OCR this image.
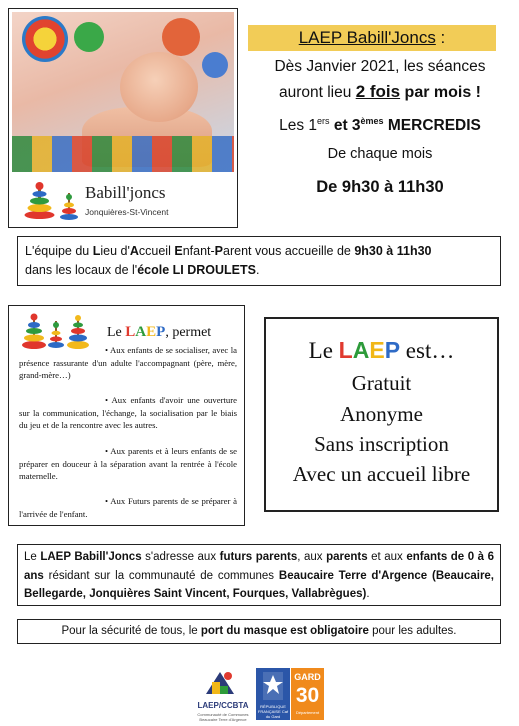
Babill'joncs
Jonquières-St-Vincent
LAEP Babill'Joncs :
Dès Janvier 2021, les séances
auront lieu 2 fois par mois !
Les 1ers et 3èmes MERCREDIS
De chaque mois
De 9h30 à 11h30
L'équipe du Lieu d'Accueil Enfant-Parent vous accueille de 9h30 à 11h30
dans les locaux de l'école LI DROULETS.
Le LAEP, permet
• Aux enfants de se socialiser, avec la présence rassurante d'un adulte l'accompagnant (père, mère, grand-mère…)
• Aux enfants d'avoir une ouverture sur la communication, l'échange, la socialisation par le biais du jeu et de la rencontre avec les autres.
• Aux parents et à leurs enfants de se préparer en douceur à la séparation avant la rentrée à l'école maternelle.
• Aux Futurs parents de se préparer à l'arrivée de l'enfant.
Le LAEP est…
Gratuit
Anonyme
Sans inscription
Avec un accueil libre
Le LAEP Babill'Joncs s'adresse aux futurs parents, aux parents et aux enfants de 0 à 6 ans résidant sur la communauté de communes Beaucaire Terre d'Argence (Beaucaire, Bellegarde, Jonquières Saint Vincent, Fourques, Vallabrègues).
Pour la sécurité de tous, le port du masque est obligatoire pour les adultes.
LAEP/CCBTA
Communauté de Communes Beaucaire Terre d'Argence
RÉPUBLIQUE FRANÇAISE Caf du Gard
GARD
30
Département
